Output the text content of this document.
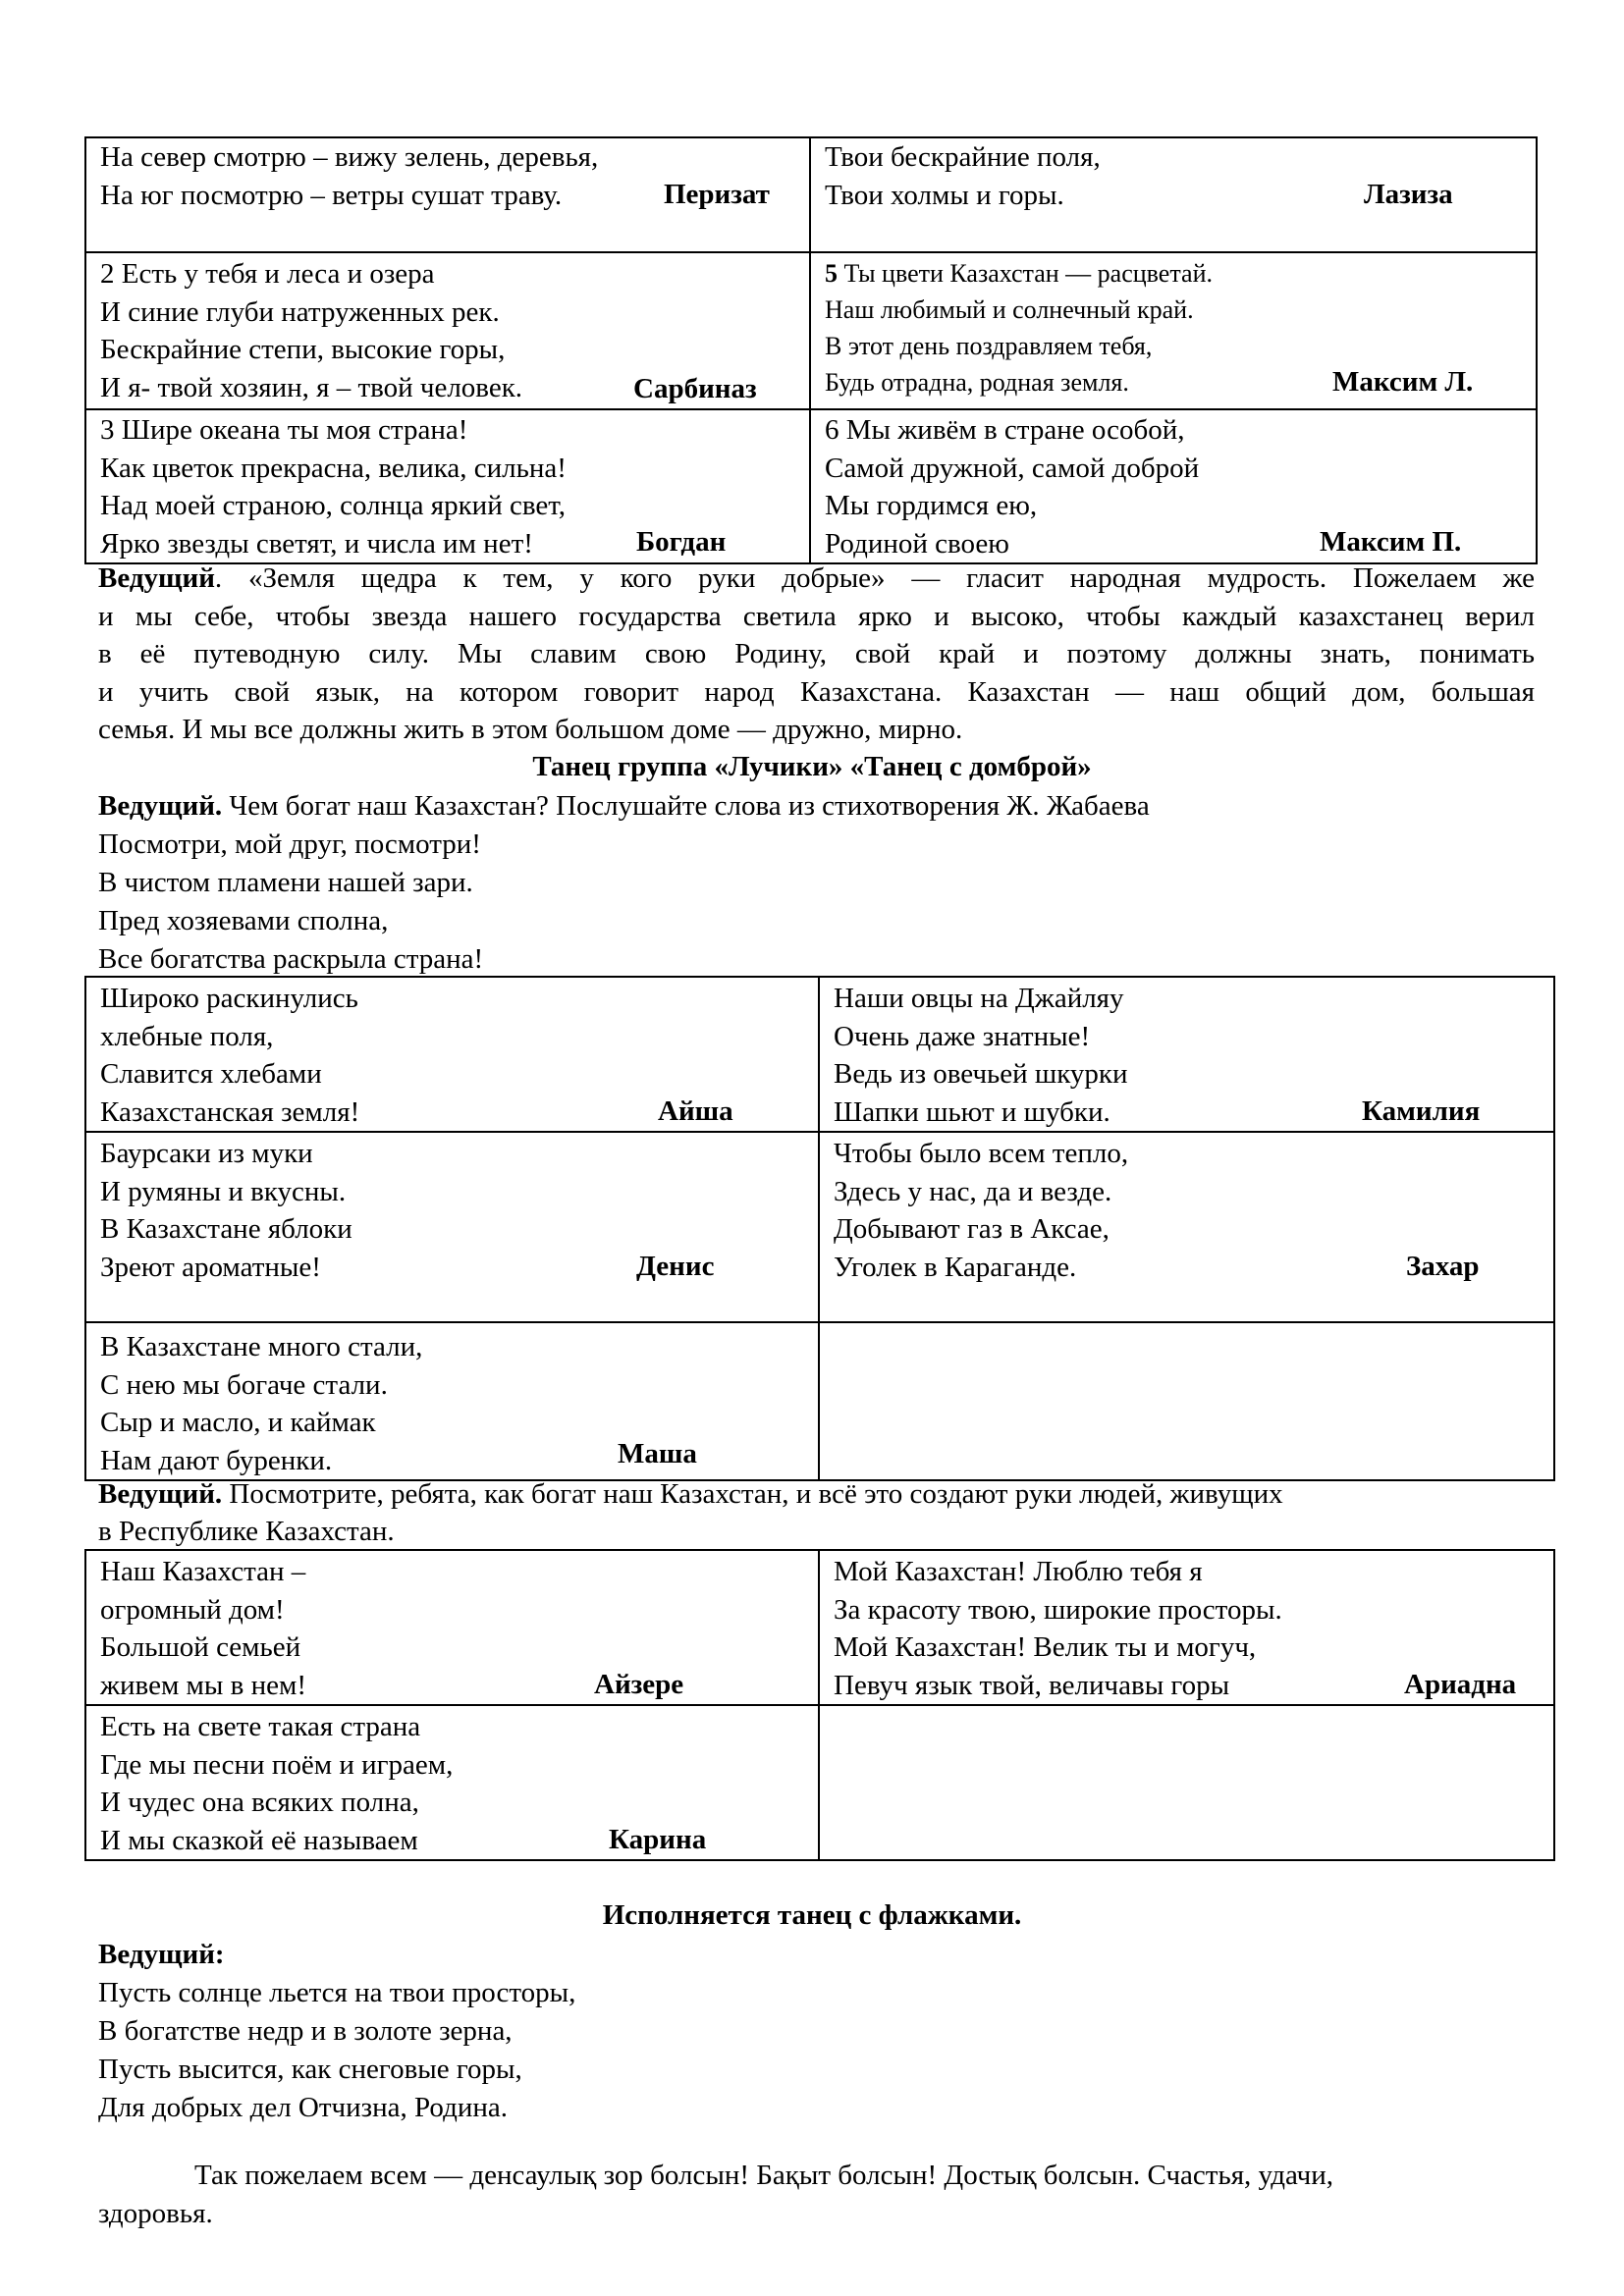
На север смотрю – вижу зелень, деревья,
На юг посмотрю – ветры сушат траву. Перизат	Твои бескрайние поля,
Твои холмы и горы. Лазиза

2 Есть у тебя и леса и озера
И синие глуби натруженных рек.
Бескрайние степи, высокие горы,
И я- твой хозяин, я – твой человек. Сарбиназ	5 Ты цвети Казахстан — расцветай.
Наш любимый и солнечный край.
В этот день поздравляем тебя,
Будь отрадна, родная земля. Максим Л.

3 Шире океана ты моя страна!
Как цветок прекрасна, велика, сильна!
Над моей страною, солнца яркий свет,
Ярко звезды светят, и числа им нет! Богдан	6 Мы живём в стране особой,
Самой дружной, самой доброй
Мы гордимся ею,
Родиной своею Максим П.
Ведущий. «Земля щедра к тем, у кого руки добрые» — гласит народная мудрость. Пожелаем же
и мы себе, чтобы звезда нашего государства светила ярко и высоко, чтобы каждый казахстанец верил
в её путеводную силу. Мы славим свою Родину, свой край и поэтому должны знать, понимать
и учить свой язык, на котором говорит народ Казахстана. Казахстан — наш общий дом, большая
семья. И мы все должны жить в этом большом доме — дружно, мирно.
Танец группа «Лучики» «Танец с домброй»
Ведущий. Чем богат наш Казахстан? Послушайте слова из стихотворения Ж. Жабаева
Посмотри, мой друг, посмотри!
В чистом пламени нашей зари.
Пред хозяевами сполна,
Все богатства раскрыла страна!
Широко раскинулись
хлебные поля,
Славится хлебами
Казахстанская земля! Айша	Наши овцы на Джайляу
Очень даже знатные!
Ведь из овечьей шкурки
Шапки шьют и шубки. Камилия

Баурсаки из муки
И румяны и вкусны.
В Казахстане яблоки
Зреют ароматные! Денис	Чтобы было всем тепло,
Здесь у нас, да и везде.
Добывают газ в Аксае,
Уголек в Караганде. Захар

В Казахстане много стали,
С нею мы богаче стали.
Сыр и масло, и каймак
Нам дают буренки. Маша	

Ведущий. Посмотрите, ребята, как богат наш Казахстан, и всё это создают руки людей, живущих
в Республике Казахстан.
Наш Казахстан –
огромный дом!
Большой семьей
живем мы в нем! Айзере	Мой Казахстан! Люблю тебя я
За красоту твою, широкие просторы.
Мой Казахстан! Велик ты и могуч,
Певуч язык твой, величавы горы Ариадна

Есть на свете такая страна
Где мы песни поём и играем,
И чудес она всяких полна,
И мы сказкой её называем Карина	

Исполняется танец с флажками.
Ведущий:
Пусть солнце льется на твои просторы,
В богатстве недр и в золоте зерна,
Пусть высится, как снеговые горы,
Для добрых дел Отчизна, Родина.
Так пожелаем всем — денсаулық зор болсын! Бақыт болсын! Достық болсын. Счастья, удачи,
здоровья.
